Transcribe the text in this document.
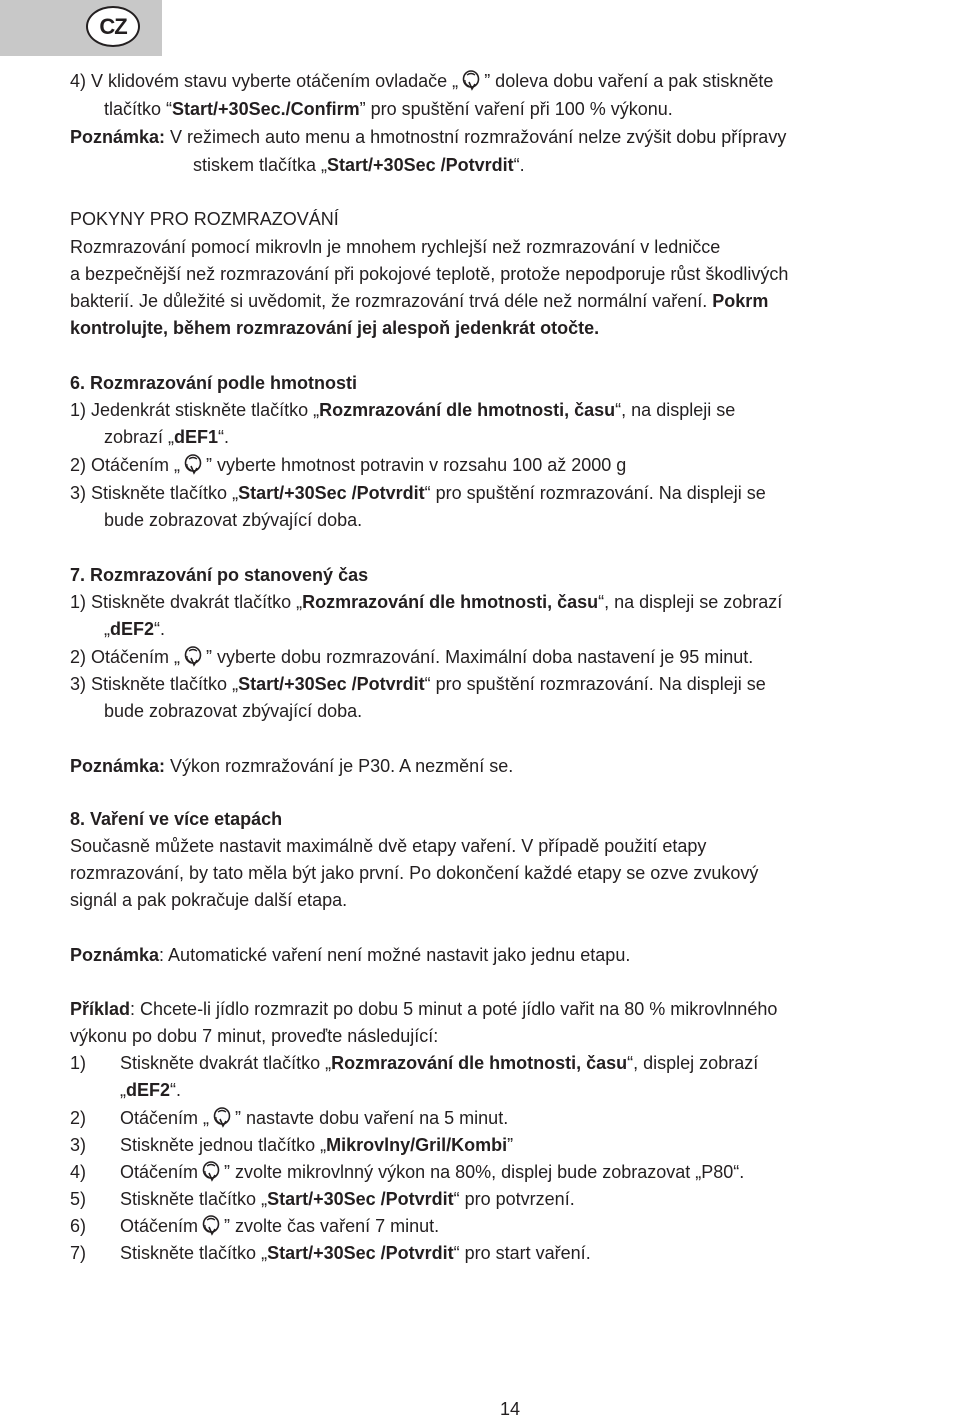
CZ
4) V klidovém stavu vyberte otáčením ovladače „ ” doleva dobu vaření a pak stiskněte
tlačítko “Start/+30Sec./Confirm” pro spuštění vaření při 100 % výkonu.
Poznámka: V režimech auto menu a hmotnostní rozmražování nelze zvýšit dobu přípravy
stiskem tlačítka „Start/+30Sec /Potvrdit“.
POKYNY PRO ROZMRAZOVÁNÍ
Rozmrazování pomocí mikrovln je mnohem rychlejší než rozmrazování v ledničce
a bezpečnější než rozmrazování při pokojové teplotě, protože nepodporuje růst škodlivých
bakterií. Je důležité si uvědomit, že rozmrazování trvá déle než normální vaření. Pokrm
kontrolujte, během rozmrazování jej alespoň jedenkrát otočte.
6. Rozmrazování podle hmotnosti
1) Jedenkrát stiskněte tlačítko „Rozmrazování dle hmotnosti, času“, na displeji se
zobrazí „dEF1“.
2) Otáčením „ ” vyberte hmotnost potravin v rozsahu 100 až 2000 g
3) Stiskněte tlačítko „Start/+30Sec /Potvrdit“ pro spuštění rozmrazování. Na displeji se
bude zobrazovat zbývající doba.
7. Rozmrazování po stanovený čas
1) Stiskněte dvakrát tlačítko „Rozmrazování dle hmotnosti, času“, na displeji se zobrazí
„dEF2“.
2) Otáčením „ ” vyberte dobu rozmrazování. Maximální doba nastavení je 95 minut.
3) Stiskněte tlačítko „Start/+30Sec /Potvrdit“ pro spuštění rozmrazování. Na displeji se
bude zobrazovat zbývající doba.
Poznámka: Výkon rozmražování je P30. A nezmění se.
8. Vaření ve více etapách
Současně můžete nastavit maximálně dvě etapy vaření. V případě použití etapy
rozmrazování, by tato měla být jako první. Po dokončení každé etapy se ozve zvukový
signál a pak pokračuje další etapa.
Poznámka: Automatické vaření není možné nastavit jako jednu etapu.
Příklad: Chcete-li jídlo rozmrazit po dobu 5 minut a poté jídlo vařit na 80 % mikrovlnného
výkonu po dobu 7 minut, proveďte následující:
1) Stiskněte dvakrát tlačítko „Rozmrazování dle hmotnosti, času“, displej zobrazí
„dEF2“.
2) Otáčením „ ” nastavte dobu vaření na 5 minut.
3) Stiskněte jednou tlačítko „Mikrovlny/Gril/Kombi”
4) Otáčením ” zvolte mikrovlnný výkon na 80%, displej bude zobrazovat „P80“.
5) Stiskněte tlačítko „Start/+30Sec /Potvrdit“ pro potvrzení.
6) Otáčením ” zvolte čas vaření 7 minut.
7) Stiskněte tlačítko „Start/+30Sec /Potvrdit“ pro start vaření.
14
